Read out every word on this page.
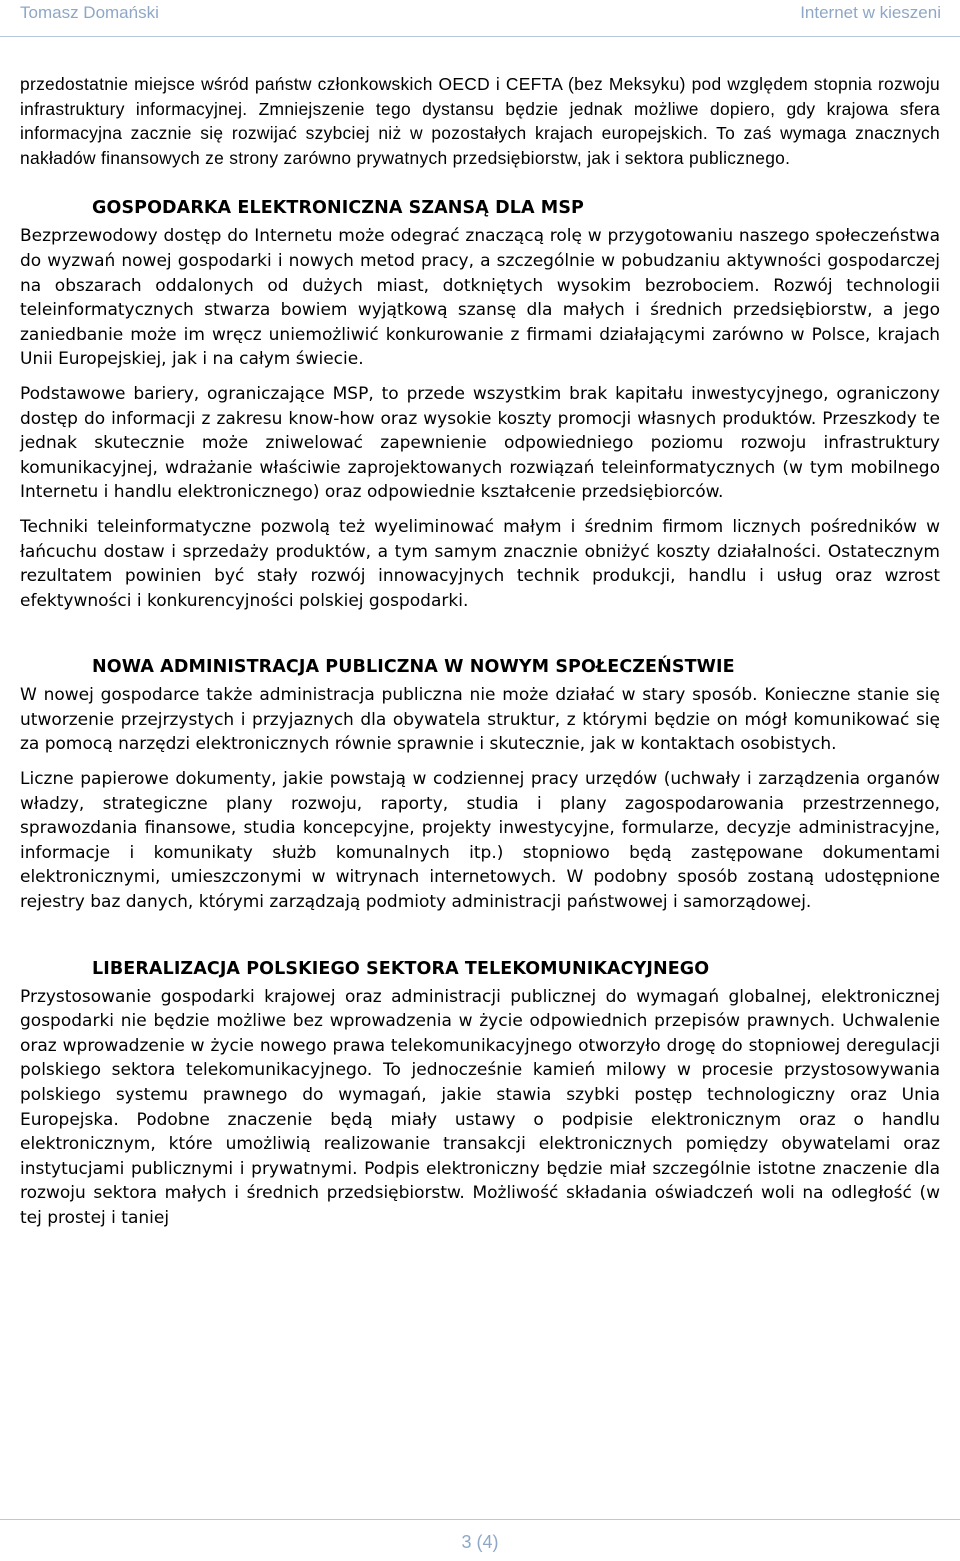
Tomasz Domański	Internet w kieszeni

przedostatnie miejsce wśród państw członkowskich OECD i CEFTA (bez Meksyku) pod względem stopnia rozwoju infrastruktury informacyjnej. Zmniejszenie tego dystansu będzie jednak możliwe dopiero, gdy krajowa sfera informacyjna zacznie się rozwijać szybciej niż w pozostałych krajach europejskich. To zaś wymaga znacznych nakładów finansowych ze strony zarówno prywatnych przedsiębiorstw, jak i sektora publicznego.

GOSPODARKA ELEKTRONICZNA SZANSĄ DLA MSP

Bezprzewodowy dostęp do Internetu może odegrać znaczącą rolę w przygotowaniu naszego społeczeństwa do wyzwań nowej gospodarki i nowych metod pracy, a szczególnie w pobudzaniu aktywności gospodarczej na obszarach oddalonych od dużych miast, dotkniętych wysokim bezrobociem. Rozwój technologii teleinformatycznych stwarza bowiem wyjątkową szansę dla małych i średnich przedsiębiorstw, a jego zaniedbanie może im wręcz uniemożliwić konkurowanie z firmami działającymi zarówno w Polsce, krajach Unii Europejskiej, jak i na całym świecie.

Podstawowe bariery, ograniczające MSP, to przede wszystkim brak kapitału inwestycyjnego, ograniczony dostęp do informacji z zakresu know-how oraz wysokie koszty promocji własnych produktów. Przeszkody te jednak skutecznie może zniwelować zapewnienie odpowiedniego poziomu rozwoju infrastruktury komunikacyjnej, wdrażanie właściwie zaprojektowanych rozwiązań teleinformatycznych (w tym mobilnego Internetu i handlu elektronicznego) oraz odpowiednie kształcenie przedsiębiorców.

Techniki teleinformatyczne pozwolą też wyeliminować małym i średnim firmom licznych pośredników w łańcuchu dostaw i sprzedaży produktów, a tym samym znacznie obniżyć koszty działalności. Ostatecznym rezultatem powinien być stały rozwój innowacyjnych technik produkcji, handlu i usług oraz wzrost efektywności i konkurencyjności polskiej gospodarki.

NOWA ADMINISTRACJA PUBLICZNA W NOWYM SPOŁECZEŃSTWIE

W nowej gospodarce także administracja publiczna nie może działać w stary sposób. Konieczne stanie się utworzenie przejrzystych i przyjaznych dla obywatela struktur, z którymi będzie on mógł komunikować się za pomocą narzędzi elektronicznych równie sprawnie i skutecznie, jak w kontaktach osobistych.

Liczne papierowe dokumenty, jakie powstają w codziennej pracy urzędów (uchwały i zarządzenia organów władzy, strategiczne plany rozwoju, raporty, studia i plany zagospodarowania przestrzennego, sprawozdania finansowe, studia koncepcyjne, projekty inwestycyjne, formularze, decyzje administracyjne, informacje i komunikaty służb komunalnych itp.) stopniowo będą zastępowane dokumentami elektronicznymi, umieszczonymi w witrynach internetowych. W podobny sposób zostaną udostępnione rejestry baz danych, którymi zarządzają podmioty administracji państwowej i samorządowej.

LIBERALIZACJA POLSKIEGO SEKTORA TELEKOMUNIKACYJNEGO

Przystosowanie gospodarki krajowej oraz administracji publicznej do wymagań globalnej, elektronicznej gospodarki nie będzie możliwe bez wprowadzenia w życie odpowiednich przepisów prawnych. Uchwalenie oraz wprowadzenie w życie nowego prawa telekomunikacyjnego otworzyło drogę do stopniowej deregulacji polskiego sektora telekomunikacyjnego. To jednocześnie kamień milowy w procesie przystosowywania polskiego systemu prawnego do wymagań, jakie stawia szybki postęp technologiczny oraz Unia Europejska. Podobne znaczenie będą miały ustawy o podpisie elektronicznym oraz o handlu elektronicznym, które umożliwią realizowanie transakcji elektronicznych pomiędzy obywatelami oraz instytucjami publicznymi i prywatnymi. Podpis elektroniczny będzie miał szczególnie istotne znaczenie dla rozwoju sektora małych i średnich przedsiębiorstw. Możliwość składania oświadczeń woli na odległość (w tej prostej i taniej

3 (4)
